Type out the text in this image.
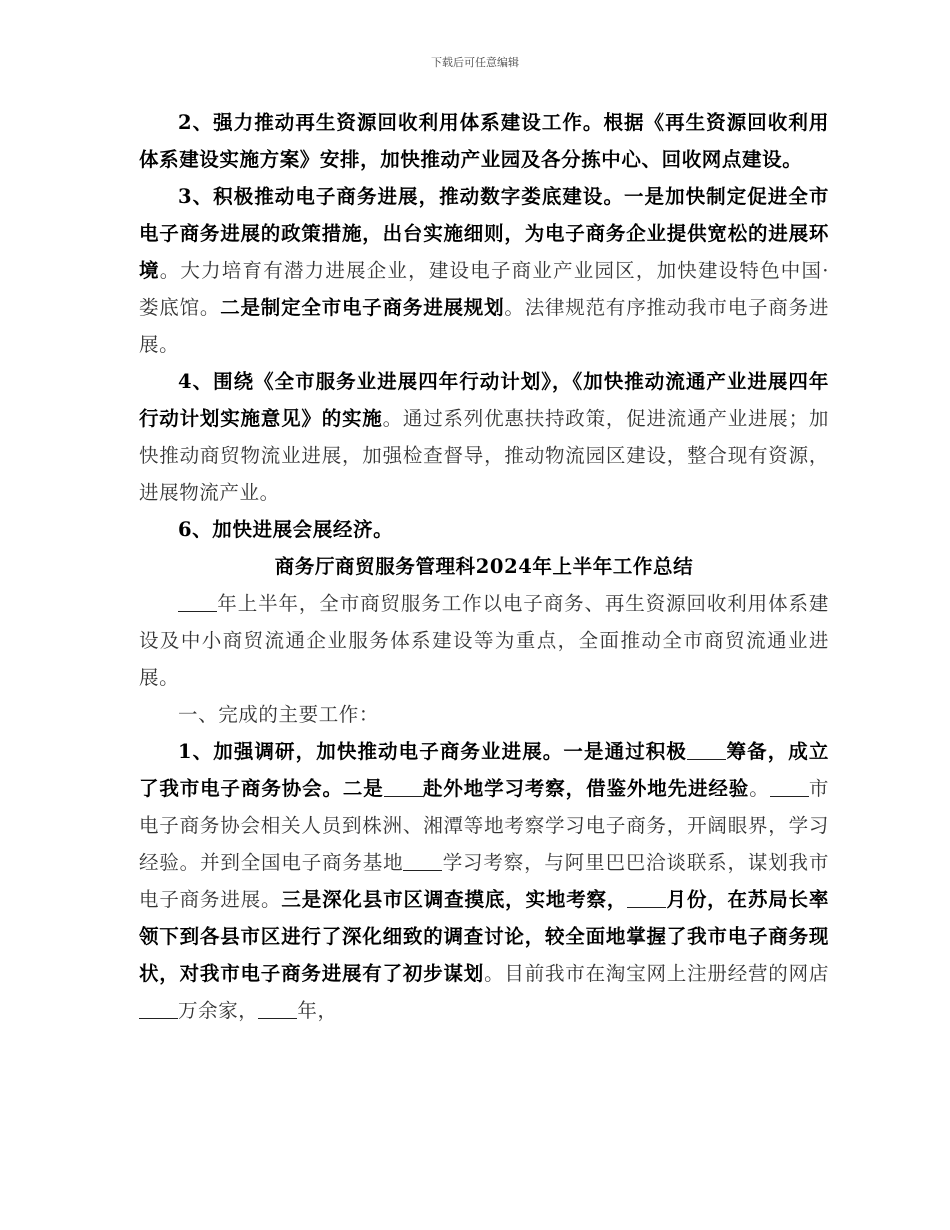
下载后可任意编辑

2、强力推动再生资源回收利用体系建设工作。根据《再生资源回收利用体系建设实施方案》安排，加快推动产业园及各分拣中心、回收网点建设。

3、积极推动电子商务进展，推动数字娄底建设。一是加快制定促进全市电子商务进展的政策措施，出台实施细则，为电子商务企业提供宽松的进展环境。大力培育有潜力进展企业，建设电子商业产业园区，加快建设特色中国·娄底馆。二是制定全市电子商务进展规划。法律规范有序推动我市电子商务进展。

4、围绕《全市服务业进展四年行动计划》，《加快推动流通产业进展四年行动计划实施意见》的实施。通过系列优惠扶持政策，促进流通产业进展；加快推动商贸物流业进展，加强检查督导，推动物流园区建设，整合现有资源，进展物流产业。

6、加快进展会展经济。

商务厅商贸服务管理科2024年上半年工作总结

年上半年，全市商贸服务工作以电子商务、再生资源回收利用体系建设及中小商贸流通企业服务体系建设等为重点，全面推动全市商贸流通业进展。

一、完成的主要工作：

1、加强调研，加快推动电子商务业进展。一是通过积极 筹备，成立了我市电子商务协会。二是 赴外地学习考察，借鉴外地先进经验。 市电子商务协会相关人员到株洲、湘潭等地考察学习电子商务，开阔眼界，学习经验。并到全国电子商务基地 学习考察，与阿里巴巴洽谈联系，谋划我市电子商务进展。三是深化县市区调查摸底，实地考察， 月份，在苏局长率领下到各县市区进行了深化细致的调查讨论，较全面地掌握了我市电子商务现状，对我市电子商务进展有了初步谋划。目前我市在淘宝网上注册经营的网店万余家， 年，
